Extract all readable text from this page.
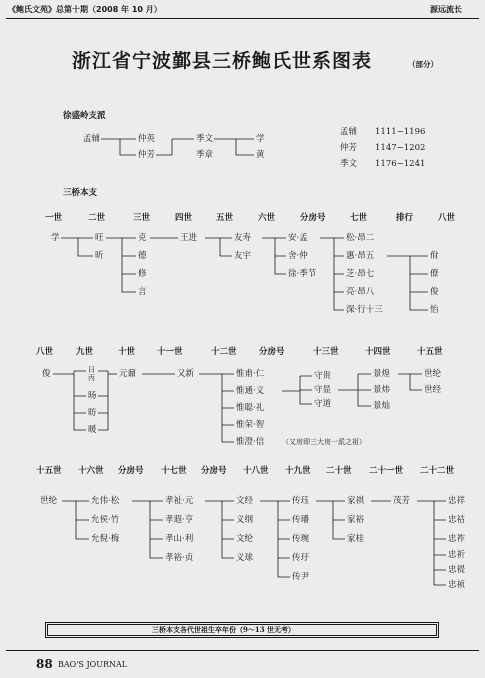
《鲍氏文苑》总第十期（2008 年 10 月）	源远流长
浙江省宁波鄞县三桥鲍氏世系图表	（部分）
徐盛岭支派
孟辅	仲英
仲芳
季文
季章
学
黄
孟辅 1111~1196
仲芳 1147~1202
季文 1176~1241
三桥本支
一世	二世	三世	四世	五世	六世	分房号	七世	排行	八世
学	旺
昕
克
德
修
言
王进	友寿
友宇
安·孟
舍·仲
徐·季节
松·昂二
惠·昂五
芝·昂七
亮·昂八
深·行十三
佾
僚
俊
怡
八世	九世	十世	十一世	十二世	分房号	十三世	十四世	十五世
俊	曰
丙
旸
昉
暖
元鼐	又新	惟甫·仁
惟通·义
惟聪·礼
惟荣·智
惟澄·信	（又房即三大房一派之祖）
守贵
守显
守道
景煌
景炜
景灿
世纶
世经
十五世 十六世 分房号 十七世 分房号 十八世 十九世 二十世 二十一世 二十二世
世纶	允伟·松
允侯·竹
允倪·梅
孝祉·元
孝遐·亨
孝山·利
孝裕·贞
文经
义纲
文纶
义球
传珏
传璠
传琬
传玗
传尹
家祺
家裕
家桂
茂芳	忠祥
忠祜
忠祚
忠祈
忠禔
忠祯
三桥本支各代世祖生卒年份（9～13 世无考）
88 BAO'S JOURNAL
